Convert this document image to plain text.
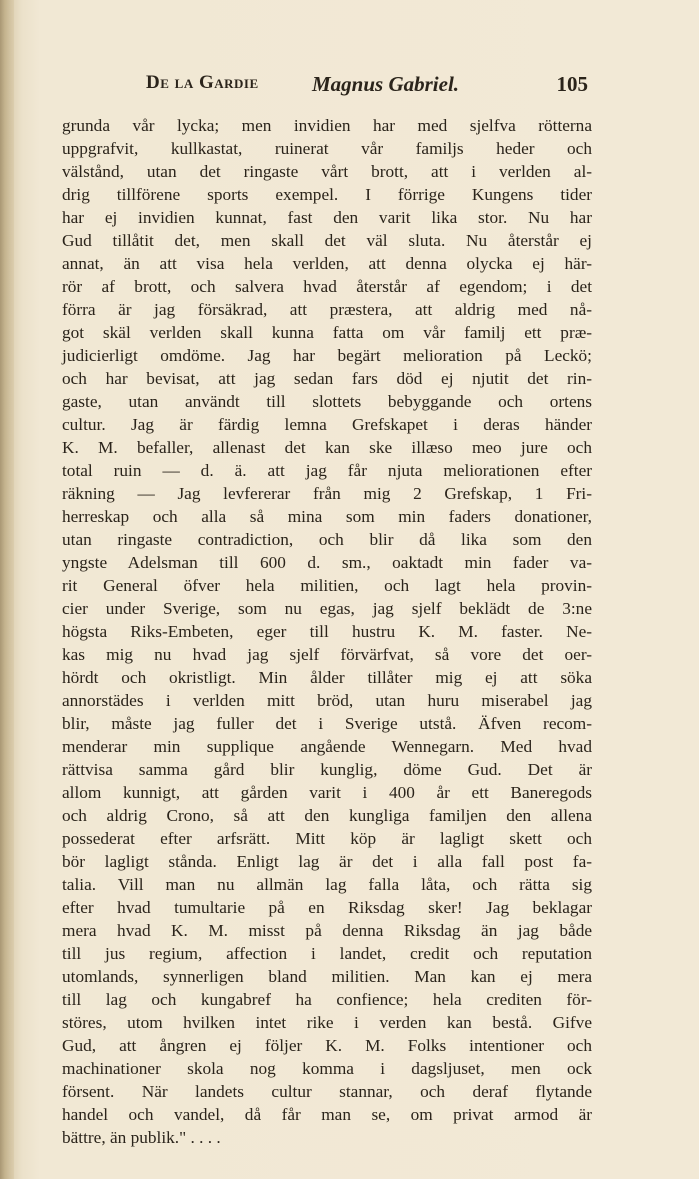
De la Gardie	Magnus Gabriel.	105
grunda vår lycka; men invidien har med sjelfva rötterna
uppgrafvit, kullkastat, ruinerat vår familjs heder och
välstånd, utan det ringaste vårt brott, att i verlden al-
drig tillförene sports exempel. I förrige Kungens tider
har ej invidien kunnat, fast den varit lika stor. Nu har
Gud tillåtit det, men skall det väl sluta. Nu återstår ej
annat, än att visa hela verlden, att denna olycka ej här-
rör af brott, och salvera hvad återstår af egendom; i det
förra är jag försäkrad, att præstera, att aldrig med nå-
got skäl verlden skall kunna fatta om vår familj ett præ-
judicierligt omdöme. Jag har begärt melioration på Leckö;
och har bevisat, att jag sedan fars död ej njutit det rin-
gaste, utan användt till slottets bebyggande och ortens
cultur. Jag är färdig lemna Grefskapet i deras händer
K. M. befaller, allenast det kan ske illæso meo jure och
total ruin — d. ä. att jag får njuta meliorationen efter
räkning — Jag levfererar från mig 2 Grefskap, 1 Fri-
herreskap och alla så mina som min faders donationer,
utan ringaste contradiction, och blir då lika som den
yngste Adelsman till 600 d. sm., oaktadt min fader va-
rit General öfver hela militien, och lagt hela provin-
cier under Sverige, som nu egas, jag sjelf beklädt de 3:ne
högsta Riks-Embeten, eger till hustru K. M. faster. Ne-
kas mig nu hvad jag sjelf förvärfvat, så vore det oer-
hördt och okristligt. Min ålder tillåter mig ej att söka
annorstädes i verlden mitt bröd, utan huru miserabel jag
blir, måste jag fuller det i Sverige utstå. Äfven recom-
menderar min supplique angående Wennegarn. Med hvad
rättvisa samma gård blir kunglig, döme Gud. Det är
allom kunnigt, att gården varit i 400 år ett Baneregods
och aldrig Crono, så att den kungliga familjen den allena
possederat efter arfsrätt. Mitt köp är lagligt skett och
bör lagligt stånda. Enligt lag är det i alla fall post fa-
talia. Vill man nu allmän lag falla låta, och rätta sig
efter hvad tumultarie på en Riksdag sker! Jag beklagar
mera hvad K. M. misst på denna Riksdag än jag både
till jus regium, affection i landet, credit och reputation
utomlands, synnerligen bland militien. Man kan ej mera
till lag och kungabref ha confience; hela crediten för-
störes, utom hvilken intet rike i verden kan bestå. Gifve
Gud, att ångren ej följer K. M. Folks intentioner och
machinationer skola nog komma i dagsljuset, men ock
försent. När landets cultur stannar, och deraf flytande
handel och vandel, då får man se, om privat armod är
bättre, än publik." . . . .
